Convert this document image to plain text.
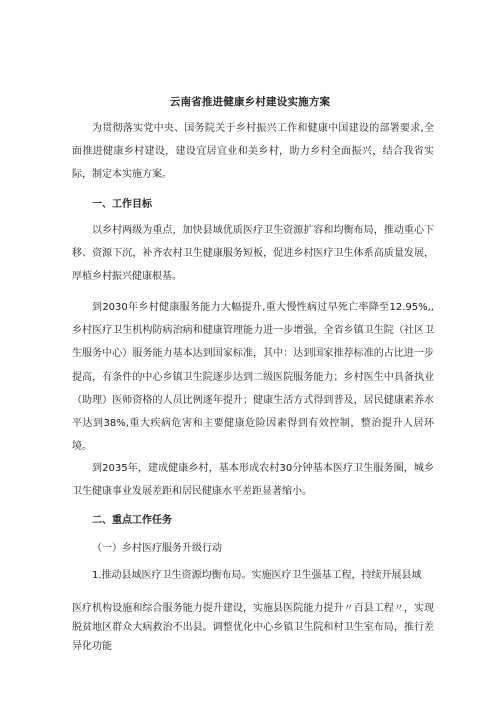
云南省推进健康乡村建设实施方案
为贯彻落实党中央、国务院关于乡村振兴工作和健康中国建设的部署要求,全面推进健康乡村建设，建设宜居宜业和美乡村，助力乡村全面振兴，结合我省实际，制定本实施方案。
一、工作目标
以乡村两级为重点，加快县域优质医疗卫生资源扩容和均衡布局，推动重心下移、资源下沉，补齐农村卫生健康服务短板，促进乡村医疗卫生体系高质量发展，厚植乡村振兴健康根基。
到2030年乡村健康服务能力大幅提升,重大慢性病过早死亡率降至12.95%,,乡村医疗卫生机构防病治病和健康管理能力进一步增强，全省乡镇卫生院（社区卫生服务中心）服务能力基本达到国家标准，其中：达到国家推荐标准的占比进一步提高，有条件的中心乡镇卫生院逐步达到二级医院服务能力；乡村医生中具备执业（助理）医师资格的人员比例逐年提升；健康生活方式得到普及，居民健康素养水平达到38%,重大疾病危害和主要健康危险因素得到有效控制，整治提升人居环境。
到2035年，建成健康乡村，基本形成农村30分钟基本医疗卫生服务圈，城乡卫生健康事业发展差距和居民健康水平差距显著缩小。
二、重点工作任务
（一）乡村医疗服务升级行动
1.推动县域医疗卫生资源均衡布局。实施医疗卫生强基工程，持续开展县域
医疗机构设施和综合服务能力提升建设，实施县医院能力提升〃百县工程〃，实现脱贫地区群众大病救治不出县。调整优化中心乡镇卫生院和村卫生室布局，推行差异化功能
